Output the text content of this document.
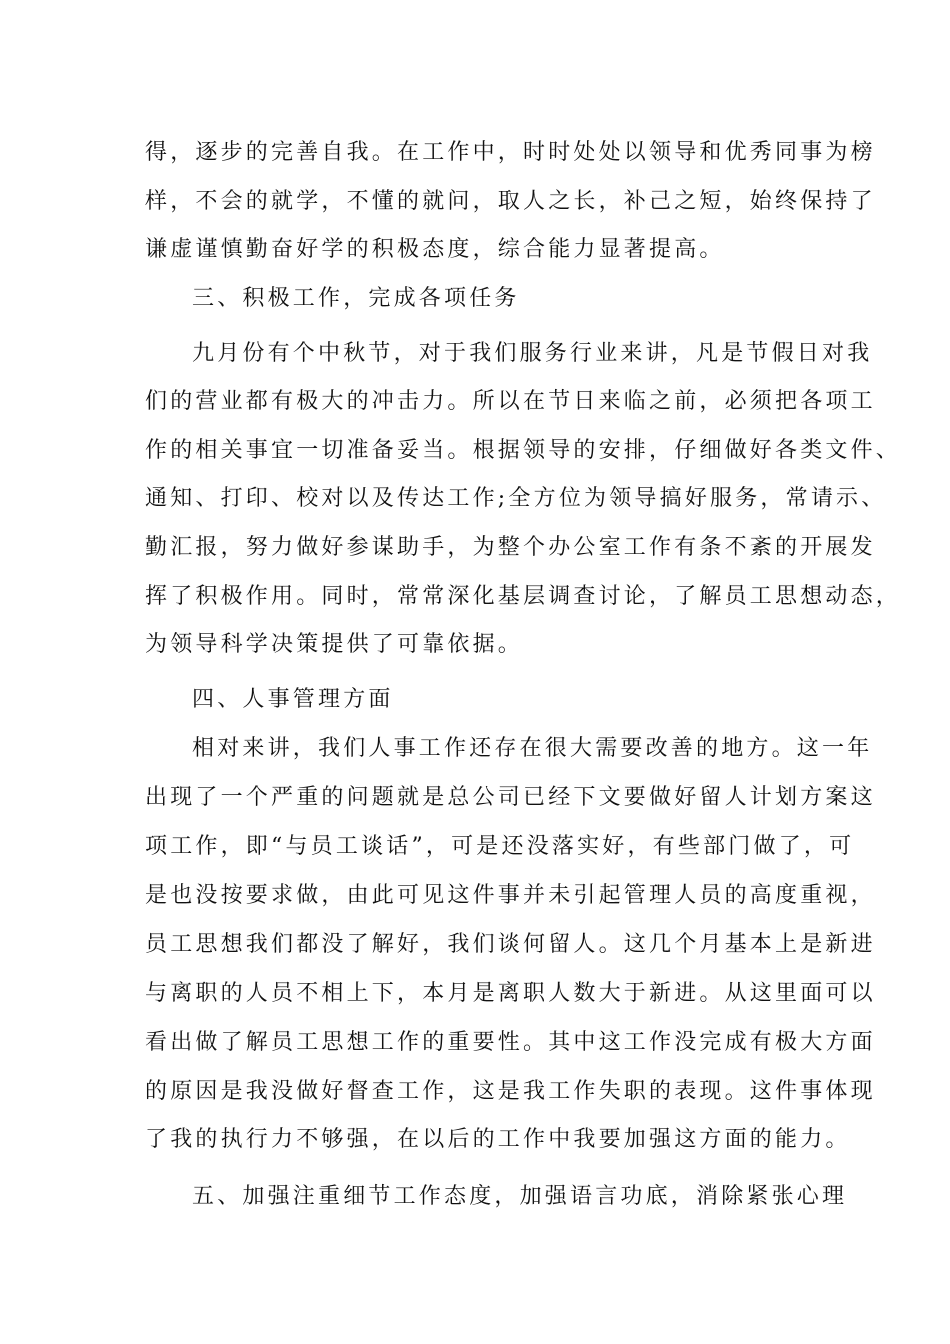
得，逐步的完善自我。在工作中，时时处处以领导和优秀同事为榜
样，不会的就学，不懂的就问，取人之长，补己之短，始终保持了
谦虚谨慎勤奋好学的积极态度，综合能力显著提高。
三、积极工作，完成各项任务
九月份有个中秋节，对于我们服务行业来讲，凡是节假日对我
们的营业都有极大的冲击力。所以在节日来临之前，必须把各项工
作的相关事宜一切准备妥当。根据领导的安排，仔细做好各类文件、
通知、打印、校对以及传达工作;全方位为领导搞好服务，常请示、
勤汇报，努力做好参谋助手，为整个办公室工作有条不紊的开展发
挥了积极作用。同时，常常深化基层调查讨论，了解员工思想动态，
为领导科学决策提供了可靠依据。
四、人事管理方面
相对来讲，我们人事工作还存在很大需要改善的地方。这一年
出现了一个严重的问题就是总公司已经下文要做好留人计划方案这
项工作，即“与员工谈话”，可是还没落实好，有些部门做了，可
是也没按要求做，由此可见这件事并未引起管理人员的高度重视，
员工思想我们都没了解好，我们谈何留人。这几个月基本上是新进
与离职的人员不相上下，本月是离职人数大于新进。从这里面可以
看出做了解员工思想工作的重要性。其中这工作没完成有极大方面
的原因是我没做好督查工作，这是我工作失职的表现。这件事体现
了我的执行力不够强，在以后的工作中我要加强这方面的能力。
五、加强注重细节工作态度，加强语言功底，消除紧张心理
